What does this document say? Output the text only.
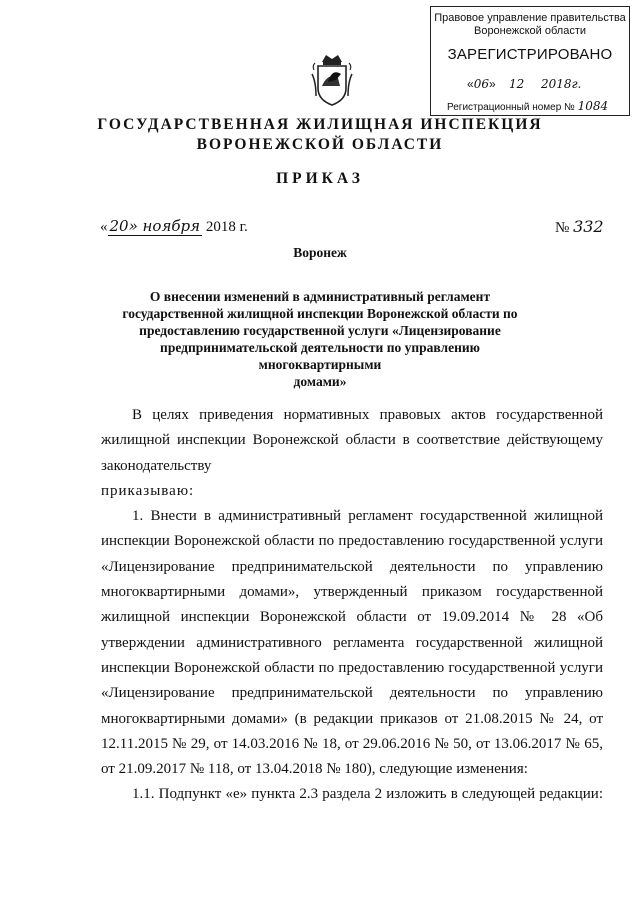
Правовое управление правительства
Воронежской области
ЗАРЕГИСТРИРОВАНО
«06»    12 2018г.
Регистрационный номер № 1084
ГОСУДАРСТВЕННАЯ ЖИЛИЩНАЯ ИНСПЕКЦИЯ
ВОРОНЕЖСКОЙ ОБЛАСТИ
ПРИКАЗ
« 20» ноября 2018 г.	№ 332
Воронеж
О внесении изменений в административный регламент
государственной жилищной инспекции Воронежской области по
предоставлению государственной услуги «Лицензирование
предпринимательской деятельности по управлению многоквартирными
домами»

В целях приведения нормативных правовых актов государственной жилищной инспекции Воронежской области в соответствие действующему законодательству

приказываю:

1. Внести в административный регламент государственной жилищной инспекции Воронежской области по предоставлению государственной услуги «Лицензирование предпринимательской деятельности по управлению многоквартирными домами», утвержденный приказом государственной жилищной инспекции Воронежской области от 19.09.2014 № 28 «Об утверждении административного регламента государственной жилищной инспекции Воронежской области по предоставлению государственной услуги «Лицензирование предпринимательской деятельности по управлению многоквартирными домами» (в редакции приказов от 21.08.2015 № 24, от 12.11.2015 № 29, от 14.03.2016 № 18, от 29.06.2016 № 50, от 13.06.2017 № 65, от 21.09.2017 № 118, от 13.04.2018 № 180), следующие изменения:

1.1. Подпункт «е» пункта 2.3 раздела 2 изложить в следующей редакции:
